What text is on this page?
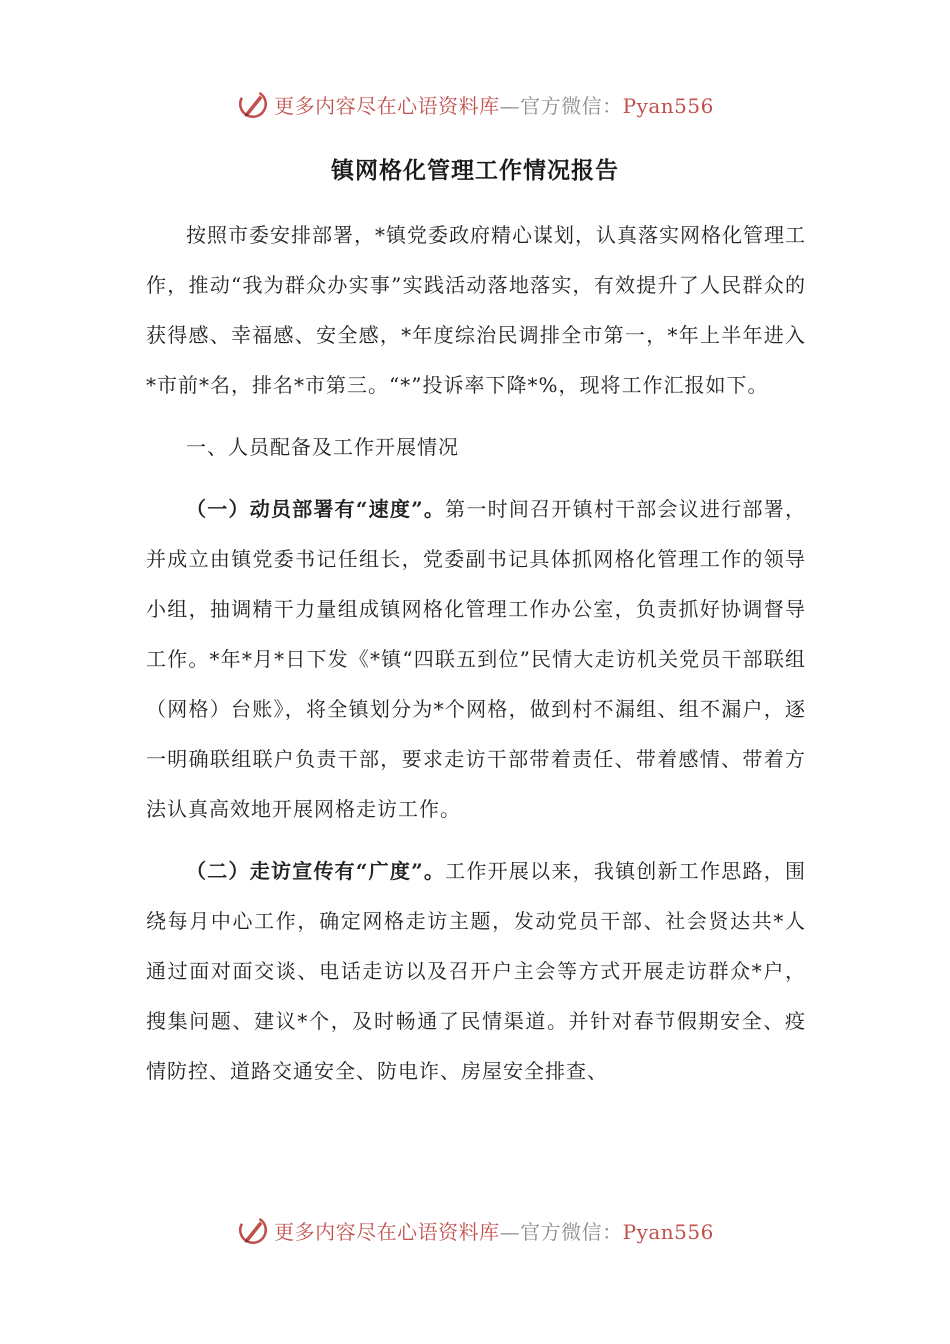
更多内容尽在心语资料库—官方微信：Pyan556
镇网格化管理工作情况报告

按照市委安排部署，*镇党委政府精心谋划，认真落实网格化管理工作，推动“我为群众办实事”实践活动落地落实，有效提升了人民群众的获得感、幸福感、安全感，*年度综治民调排全市第一，*年上半年进入*市前*名，排名*市第三。“*”投诉率下降*%，现将工作汇报如下。

一、人员配备及工作开展情况

（一）动员部署有“速度”。第一时间召开镇村干部会议进行部署，并成立由镇党委书记任组长，党委副书记具体抓网格化管理工作的领导小组，抽调精干力量组成镇网格化管理工作办公室，负责抓好协调督导工作。*年*月*日下发《*镇“四联五到位”民情大走访机关党员干部联组（网格）台账》，将全镇划分为*个网格，做到村不漏组、组不漏户，逐一明确联组联户负责干部，要求走访干部带着责任、带着感情、带着方法认真高效地开展网格走访工作。

（二）走访宣传有“广度”。工作开展以来，我镇创新工作思路，围绕每月中心工作，确定网格走访主题，发动党员干部、社会贤达共*人通过面对面交谈、电话走访以及召开户主会等方式开展走访群众*户，搜集问题、建议*个，及时畅通了民情渠道。并针对春节假期安全、疫情防控、道路交通安全、防电诈、房屋安全排查、

更多内容尽在心语资料库—官方微信：Pyan556
